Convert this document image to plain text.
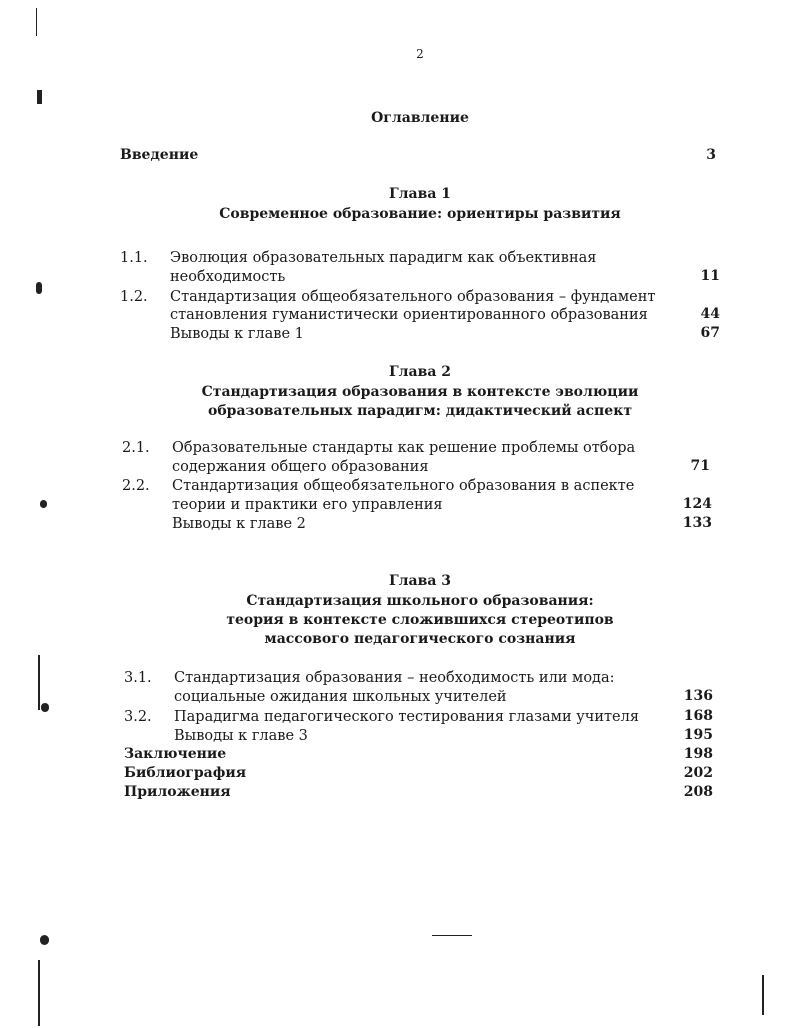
2
Оглавление
Введение	3
Глава 1
Современное образование: ориентиры развития
1.1. Эволюция образовательных парадигм как объективная
необходимость	11
1.2. Стандартизация общеобязательного образования – фундамент
становления гуманистически ориентированного образования	44
Выводы к главе 1	67
Глава 2
Стандартизация образования в контексте эволюции
образовательных парадигм: дидактический аспект
2.1. Образовательные стандарты как решение проблемы отбора
содержания общего образования	71
2.2. Стандартизация общеобязательного образования в аспекте
теории и практики его управления	124
Выводы к главе 2	133
Глава 3
Стандартизация школьного образования:
теория в контексте сложившихся стереотипов
массового педагогического сознания
3.1. Стандартизация образования – необходимость или мода:
социальные ожидания школьных учителей	136
3.2. Парадигма педагогического тестирования глазами учителя	168
Выводы к главе 3	195
Заключение	198
Библиография	202
Приложения	208
